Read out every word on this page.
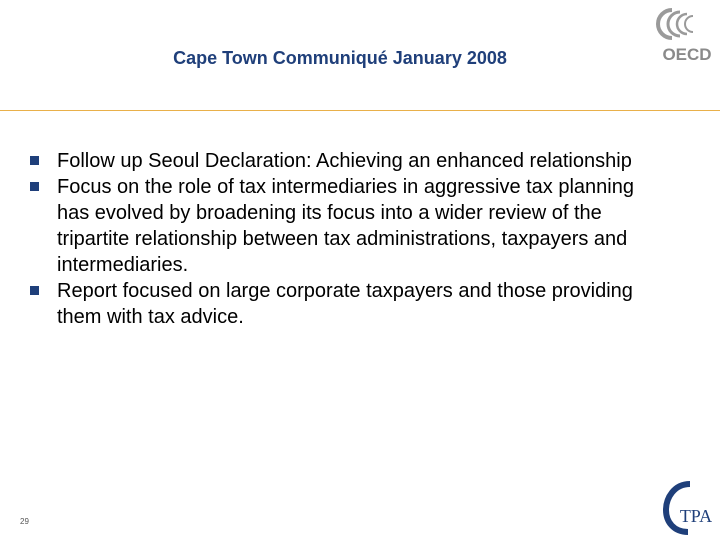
Cape Town Communiqué January 2008	OECD
Follow up Seoul Declaration: Achieving an enhanced relationship
Focus on the role of tax intermediaries in aggressive tax planning has evolved by broadening its focus into a wider review of the tripartite relationship between tax administrations, taxpayers and intermediaries.
Report focused on large corporate taxpayers and those providing them with tax advice.
29	TPA
